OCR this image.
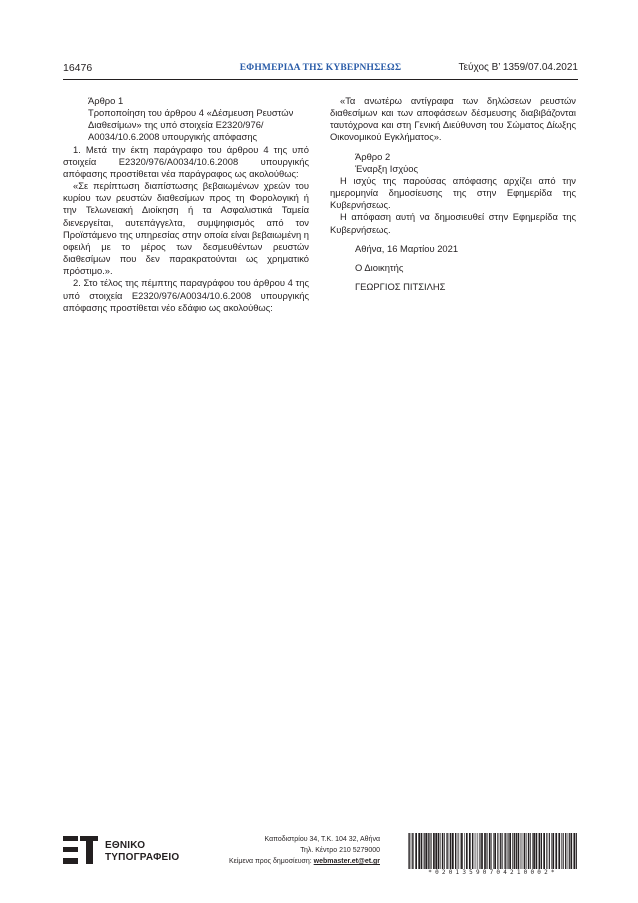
16476	ΕΦΗΜΕΡΙΔΑ ΤΗΣ ΚΥΒΕΡΝΗΣΕΩΣ	Τεύχος Β’ 1359/07.04.2021

Άρθρο 1

Τροποποίηση του άρθρου 4 «Δέσμευση Ρευστών Διαθεσίμων» της υπό στοιχεία Ε2320/976/Α0034/10.6.2008 υπουργικής απόφασης

1. Μετά την έκτη παράγραφο του άρθρου 4 της υπό στοιχεία Ε2320/976/Α0034/10.6.2008 υπουργικής απόφασης προστίθεται νέα παράγραφος ως ακολούθως:

«Σε περίπτωση διαπίστωσης βεβαιωμένων χρεών του κυρίου των ρευστών διαθεσίμων προς τη Φορολογική ή την Τελωνειακή Διοίκηση ή τα Ασφαλιστικά Ταμεία διενεργείται, αυτεπάγγελτα, συμψηφισμός από τον Προϊστάμενο της υπηρεσίας στην οποία είναι βεβαιωμένη η οφειλή με το μέρος των δεσμευθέντων ρευστών διαθεσίμων που δεν παρακρατούνται ως χρηματικό πρόστιμο.».

2. Στο τέλος της πέμπτης παραγράφου του άρθρου 4 της υπό στοιχεία Ε2320/976/Α0034/10.6.2008 υπουργικής απόφασης προστίθεται νέο εδάφιο ως ακολούθως:

«Τα ανωτέρω αντίγραφα των δηλώσεων ρευστών διαθεσίμων και των αποφάσεων δέσμευσης διαβιβάζονται ταυτόχρονα και στη Γενική Διεύθυνση του Σώματος Δίωξης Οικονομικού Εγκλήματος».

Άρθρο 2

Έναρξη Ισχύος

Η ισχύς της παρούσας απόφασης αρχίζει από την ημερομηνία δημοσίευσης της στην Εφημερίδα της Κυβερνήσεως.

Η απόφαση αυτή να δημοσιευθεί στην Εφημερίδα της Κυβερνήσεως.

Αθήνα, 16 Μαρτίου 2021

Ο Διοικητής

ΓΕΩΡΓΙΟΣ ΠΙΤΣΙΛΗΣ

ΕΘΝΙΚΟ
ΤΥΠΟΓΡΑΦΕΙΟ
Καποδιστρίου 34, Τ.Κ. 104 32, Αθήνα
Τηλ. Κέντρο 210 5279000
Κείμενα προς δημοσίευση: webmaster.et@et.gr
*02013590704210002*
